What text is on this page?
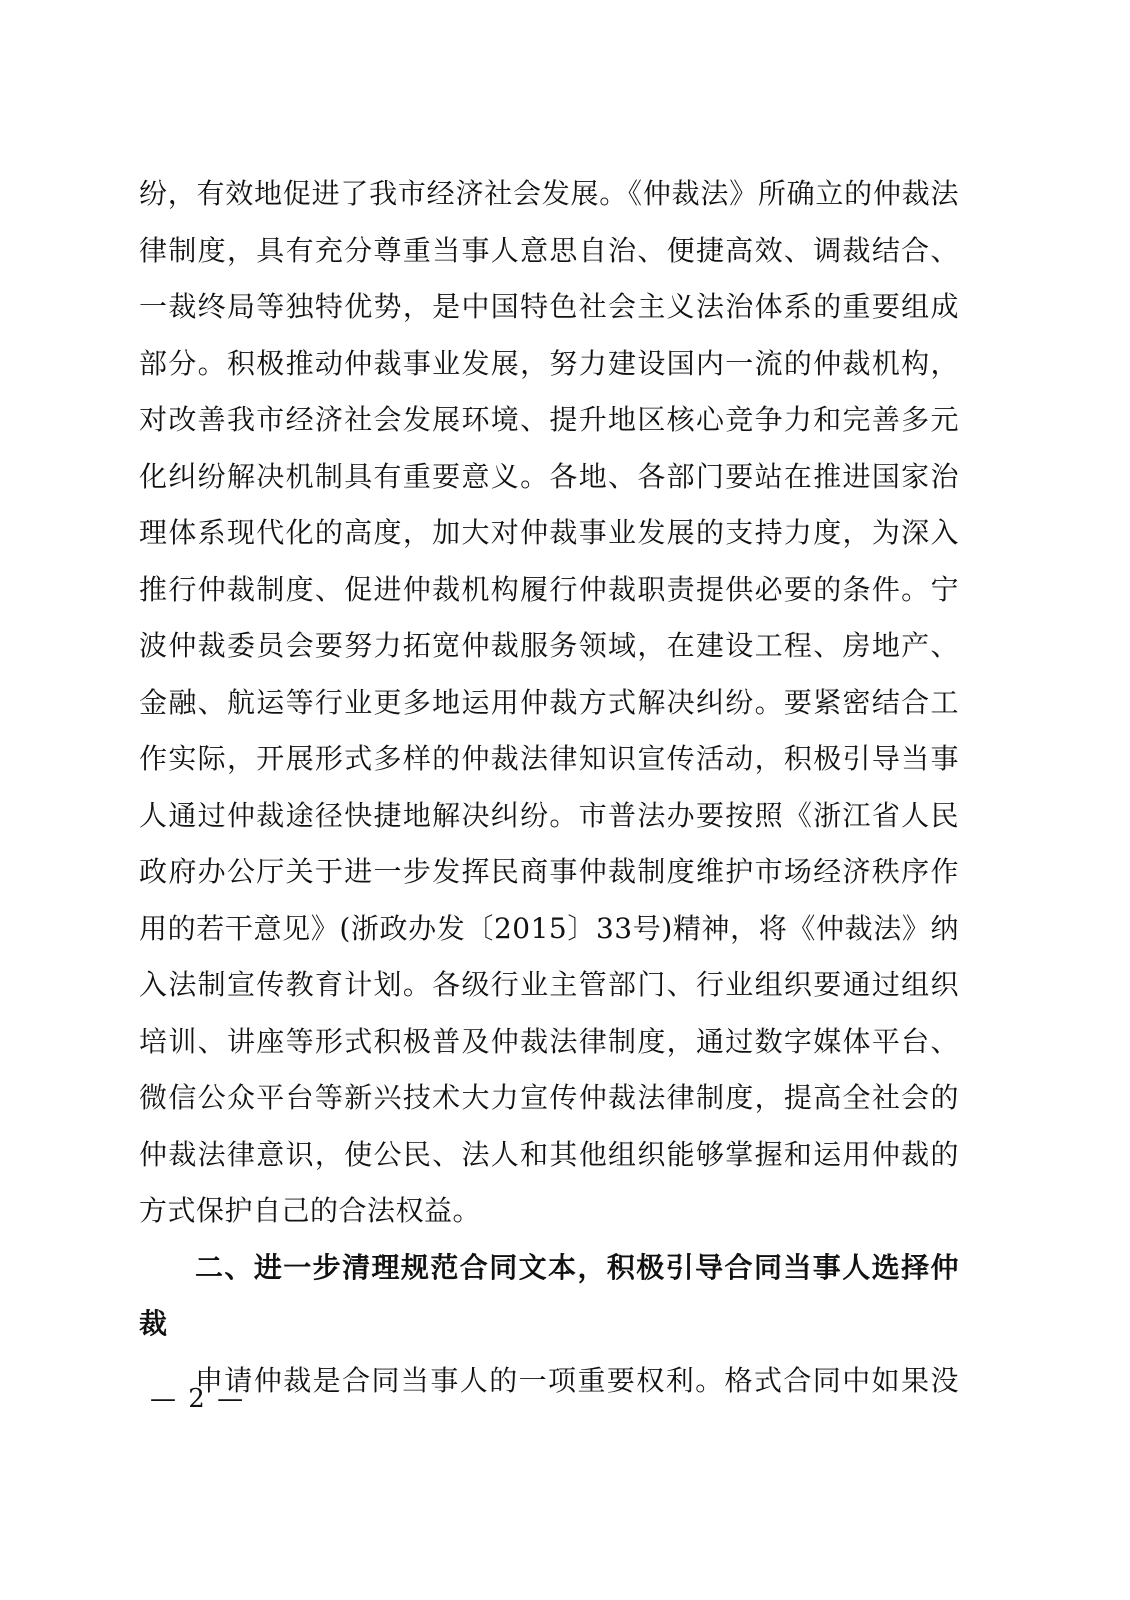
纷，有效地促进了我市经济社会发展。《仲裁法》所确立的仲裁法
律制度，具有充分尊重当事人意思自治、便捷高效、调裁结合、
一裁终局等独特优势，是中国特色社会主义法治体系的重要组成
部分。积极推动仲裁事业发展，努力建设国内一流的仲裁机构，
对改善我市经济社会发展环境、提升地区核心竞争力和完善多元
化纠纷解决机制具有重要意义。各地、各部门要站在推进国家治
理体系现代化的高度，加大对仲裁事业发展的支持力度，为深入
推行仲裁制度、促进仲裁机构履行仲裁职责提供必要的条件。宁
波仲裁委员会要努力拓宽仲裁服务领域，在建设工程、房地产、
金融、航运等行业更多地运用仲裁方式解决纠纷。要紧密结合工
作实际，开展形式多样的仲裁法律知识宣传活动，积极引导当事
人通过仲裁途径快捷地解决纠纷。市普法办要按照《浙江省人民
政府办公厅关于进一步发挥民商事仲裁制度维护市场经济秩序作
用的若干意见》(浙政办发〔2015〕33号)精神，将《仲裁法》纳
入法制宣传教育计划。各级行业主管部门、行业组织要通过组织
培训、讲座等形式积极普及仲裁法律制度，通过数字媒体平台、
微信公众平台等新兴技术大力宣传仲裁法律制度，提高全社会的
仲裁法律意识，使公民、法人和其他组织能够掌握和运用仲裁的
方式保护自己的合法权益。
二、进一步清理规范合同文本，积极引导合同当事人选择仲
裁
申请仲裁是合同当事人的一项重要权利。格式合同中如果没
— 2 —
